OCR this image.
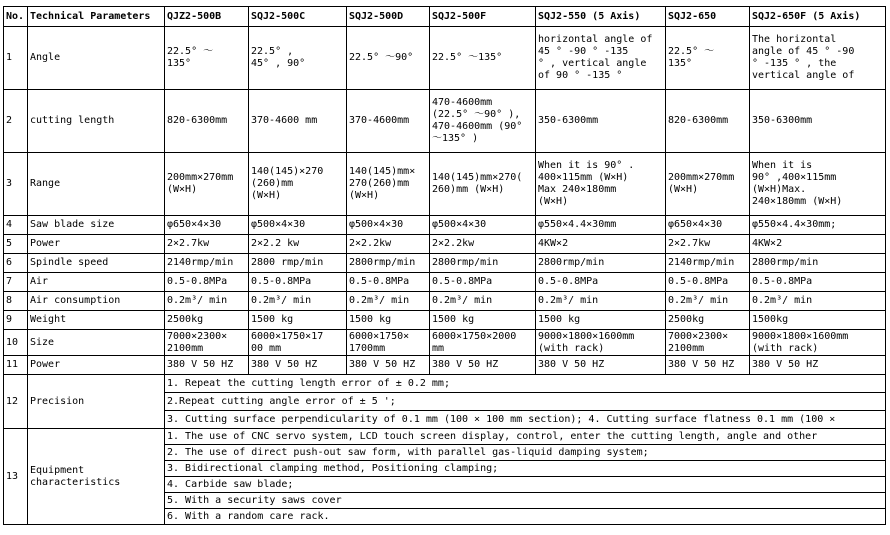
No.	Technical Parameters	QJZ2-500B	SQJ2-500C	SQJ2-500D	SQJ2-500F	SQJ2-550 (5 Axis)	SQJ2-650	SQJ2-650F (5 Axis)
1	Angle	22.5° ～
135°	22.5° ,
45° , 90°	22.5° ～90°	22.5° ～135°	horizontal angle of
45 ° -90 ° -135
° , vertical angle
of 90 ° -135 °	22.5° ～
135°	The horizontal
angle of 45 ° -90
° -135 ° , the
vertical angle of
2	cutting length	820-6300mm	370-4600 mm	370-4600mm	470-4600mm
(22.5° ～90° ),
470-4600mm (90°
～135° )	350-6300mm	820-6300mm	350-6300mm
3	Range	200mm×270mm
(W×H)	140(145)×270
(260)mm
(W×H)	140(145)mm×
270(260)mm
(W×H)	140(145)mm×270(
260)mm (W×H)	When it is 90° .
400×115mm (W×H)
Max 240×180mm
(W×H)	200mm×270mm
(W×H)	When it is
90° ,400×115mm
(W×H)Max.
240×180mm (W×H)
4	Saw blade size	φ650×4×30	φ500×4×30	φ500×4×30	φ500×4×30	φ550×4.4×30mm	φ650×4×30	φ550×4.4×30mm;
5	Power	2×2.7kw	2×2.2 kw	2×2.2kw	2×2.2kw	4KW×2	2×2.7kw	4KW×2
6	Spindle speed	2140rmp/min	2800 rmp/min	2800rmp/min	2800rmp/min	2800rmp/min	2140rmp/min	2800rmp/min
7	Air	0.5-0.8MPa	0.5-0.8MPa	0.5-0.8MPa	0.5-0.8MPa	0.5-0.8MPa	0.5-0.8MPa	0.5-0.8MPa
8	Air consumption	0.2m³/ min	0.2m³/ min	0.2m³/ min	0.2m³/ min	0.2m³/ min	0.2m³/ min	0.2m³/ min
9	Weight	2500kg	1500 kg	1500 kg	1500 kg	1500 kg	2500kg	1500kg
10	Size	7000×2300×
2100mm	6000×1750×17
00 mm	6000×1750×
1700mm	6000×1750×2000
mm	9000×1800×1600mm
(with rack)	7000×2300×
2100mm	9000×1800×1600mm
(with rack)
11	Power	380 V 50 HZ	380 V 50 HZ	380 V 50 HZ	380 V 50 HZ	380 V 50 HZ	380 V 50 HZ	380 V 50 HZ
12	Precision	1. Repeat the cutting length error of ± 0.2 mm;						
		2.Repeat cutting angle error of ± 5 ';						
		3. Cutting surface perpendicularity of 0.1 mm (100 × 100 mm section); 4. Cutting surface flatness 0.1 mm (100 ×						
13	Equipment
characteristics	1. The use of CNC servo system, LCD touch screen display, control, enter the cutting length, angle and other						
		2. The use of direct push-out saw form, with parallel gas-liquid damping system;						
		3. Bidirectional clamping method, Positioning clamping;						
		4. Carbide saw blade;						
		5. With a security saws cover						
		6. With a random care rack.						
